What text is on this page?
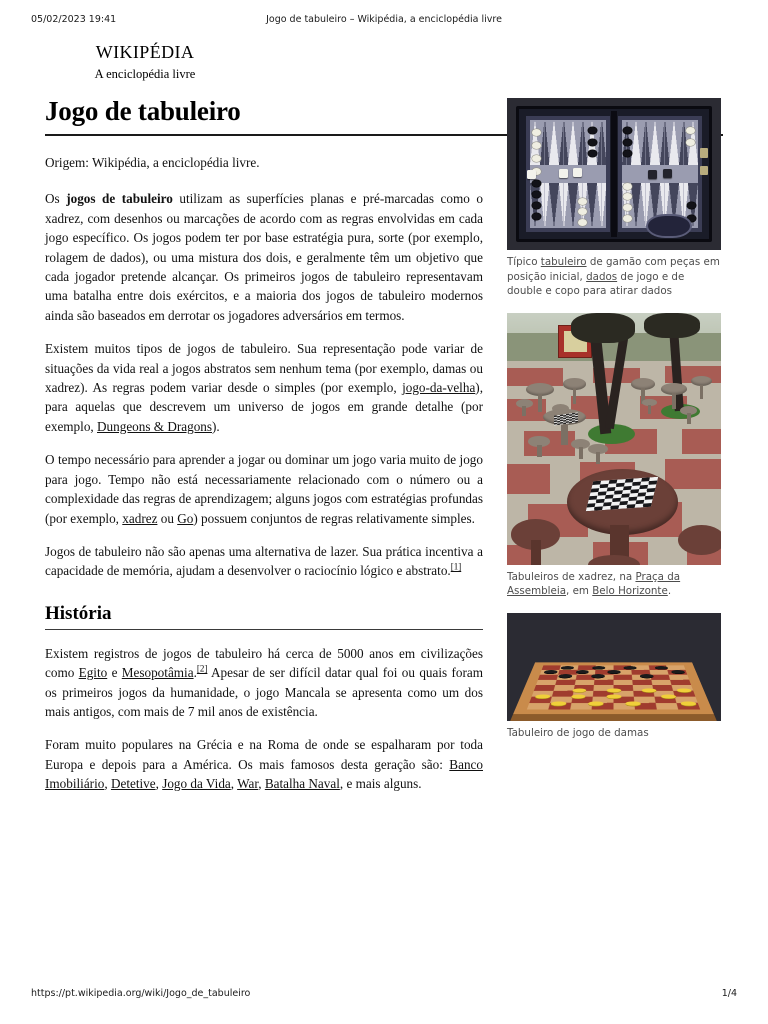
05/02/2023 19:41	Jogo de tabuleiro – Wikipédia, a enciclopédia livre
wikipédia
A enciclopédia livre
Jogo de tabuleiro

Origem: Wikipédia, a enciclopédia livre.

Os jogos de tabuleiro utilizam as superfícies planas e pré-marcadas como o xadrez, com desenhos ou marcações de acordo com as regras envolvidas em cada jogo específico. Os jogos podem ter por base estratégia pura, sorte (por exemplo, rolagem de dados), ou uma mistura dos dois, e geralmente têm um objetivo que cada jogador pretende alcançar. Os primeiros jogos de tabuleiro representavam uma batalha entre dois exércitos, e a maioria dos jogos de tabuleiro modernos ainda são baseados em derrotar os jogadores adversários em termos.

Existem muitos tipos de jogos de tabuleiro. Sua representação pode variar de situações da vida real a jogos abstratos sem nenhum tema (por exemplo, damas ou xadrez). As regras podem variar desde o simples (por exemplo, jogo-da-velha), para aquelas que descrevem um universo de jogos em grande detalhe (por exemplo, Dungeons & Dragons).

O tempo necessário para aprender a jogar ou dominar um jogo varia muito de jogo para jogo. Tempo não está necessariamente relacionado com o número ou a complexidade das regras de aprendizagem; alguns jogos com estratégias profundas (por exemplo, xadrez ou Go) possuem conjuntos de regras relativamente simples.

Jogos de tabuleiro não são apenas uma alternativa de lazer. Sua prática incentiva a capacidade de memória, ajudam a desenvolver o raciocínio lógico e abstrato.[1]

História

Existem registros de jogos de tabuleiro há cerca de 5000 anos em civilizações como Egito e Mesopotâmia.[2] Apesar de ser difícil datar qual foi ou quais foram os primeiros jogos da humanidade, o jogo Mancala se apresenta como um dos mais antigos, com mais de 7 mil anos de existência.

Foram muito populares na Grécia e na Roma de onde se espalharam por toda Europa e depois para a América. Os mais famosos desta geração são: Banco Imobiliário, Detetive, Jogo da Vida, War, Batalha Naval, e mais alguns.

Típico tabuleiro de gamão com peças em posição inicial, dados de jogo e de double e copo para atirar dados
Tabuleiros de xadrez, na Praça da Assembleia, em Belo Horizonte.
Tabuleiro de jogo de damas
https://pt.wikipedia.org/wiki/Jogo_de_tabuleiro	1/4
